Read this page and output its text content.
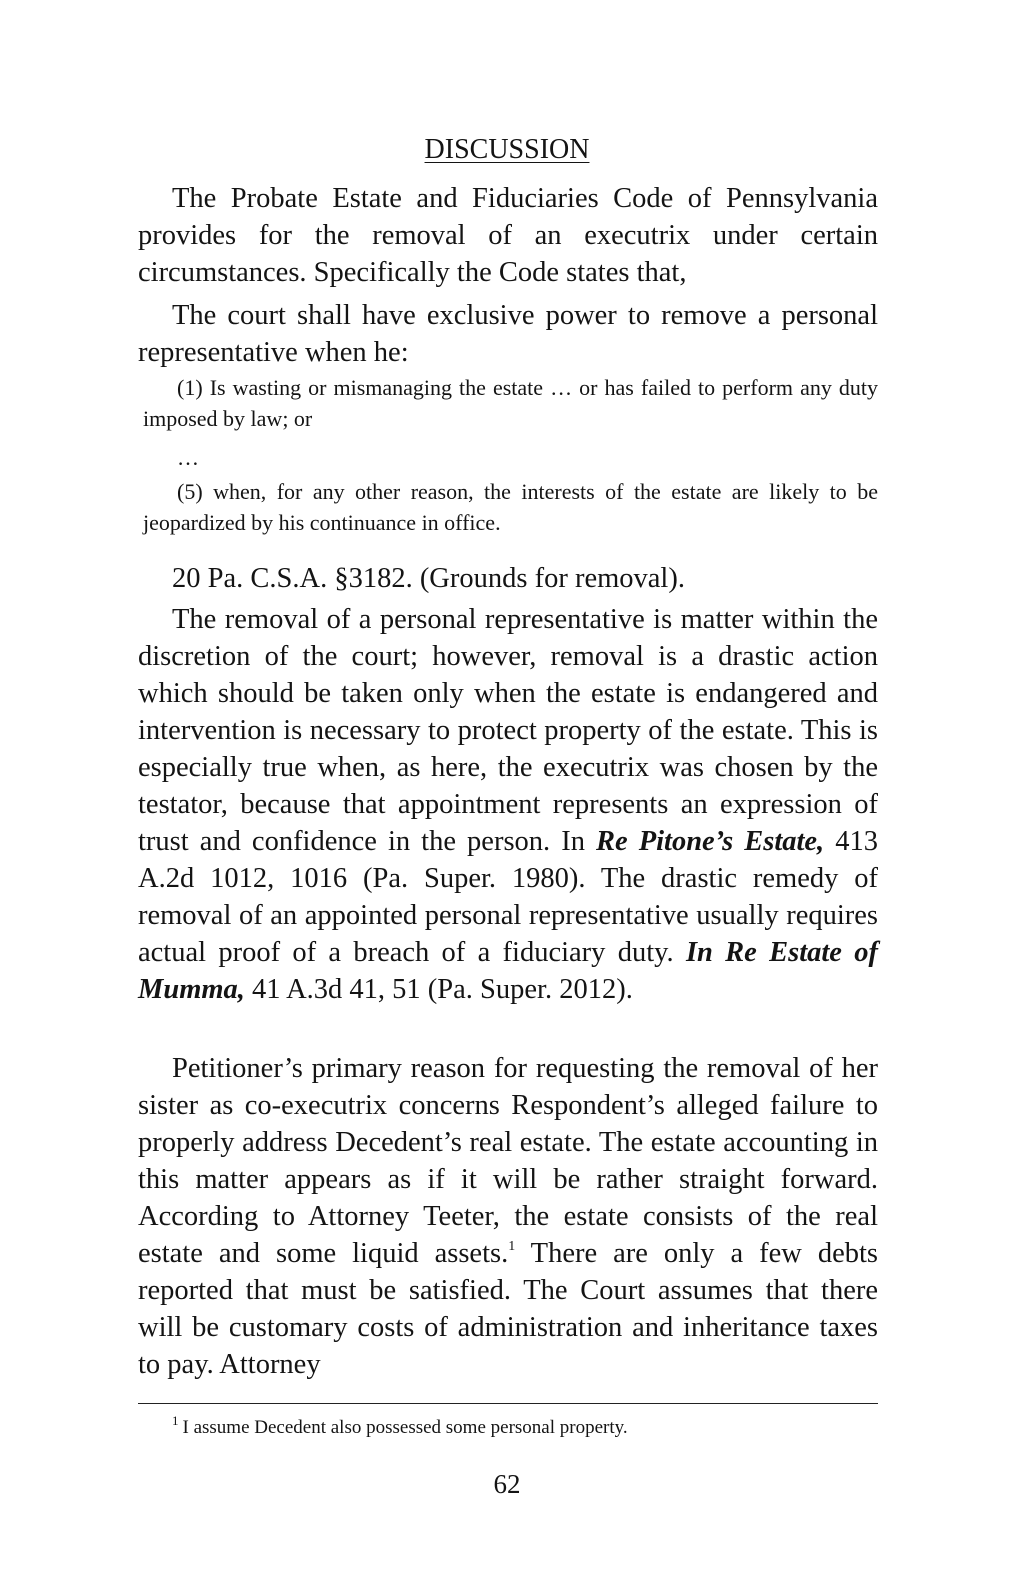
DISCUSSION

The Probate Estate and Fiduciaries Code of Pennsylvania provides for the removal of an executrix under certain circumstances. Specifically the Code states that,

The court shall have exclusive power to remove a personal representative when he:

(1) Is wasting or mismanaging the estate … or has failed to perform any duty imposed by law; or

…

(5) when, for any other reason, the interests of the estate are likely to be jeopardized by his continuance in office.

20 Pa. C.S.A. §3182. (Grounds for removal).

The removal of a personal representative is matter within the discretion of the court; however, removal is a drastic action which should be taken only when the estate is endangered and intervention is necessary to protect property of the estate. This is especially true when, as here, the executrix was chosen by the testator, because that appointment represents an expression of trust and confidence in the person. In Re Pitone’s Estate, 413 A.2d 1012, 1016 (Pa. Super. 1980). The drastic remedy of removal of an appointed personal representative usually requires actual proof of a breach of a fiduciary duty. In Re Estate of Mumma, 41 A.3d 41, 51 (Pa. Super. 2012).

Petitioner’s primary reason for requesting the removal of her sister as co-executrix concerns Respondent’s alleged failure to properly address Decedent’s real estate. The estate accounting in this matter appears as if it will be rather straight forward. According to Attorney Teeter, the estate consists of the real estate and some liquid assets.$^1$ There are only a few debts reported that must be satisfied. The Court assumes that there will be customary costs of administration and inheritance taxes to pay. Attorney

$^1$ I assume Decedent also possessed some personal property.

62
